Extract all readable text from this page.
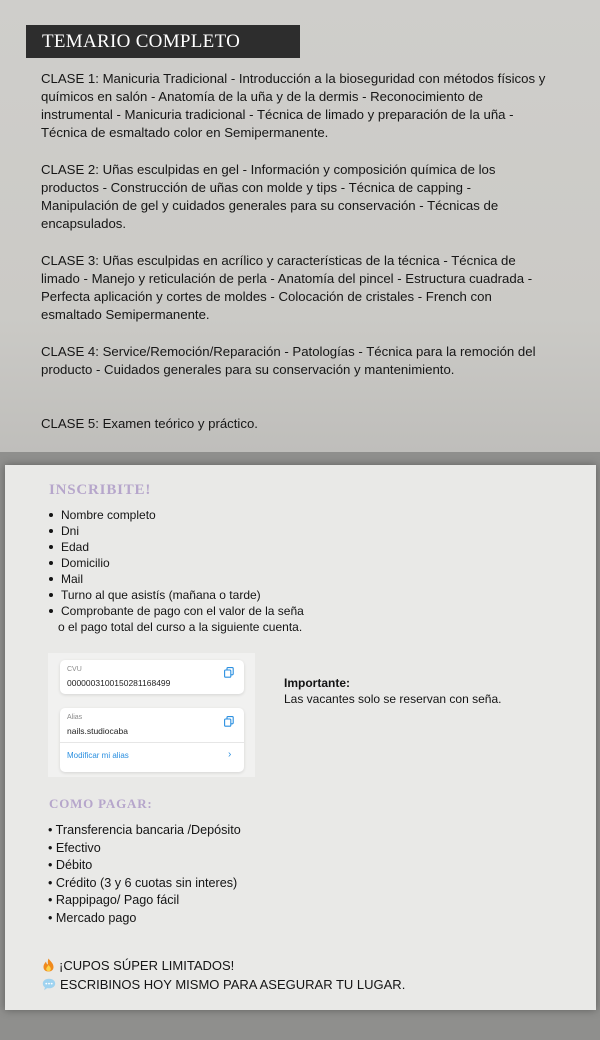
TEMARIO COMPLETO
CLASE 1: Manicuria Tradicional - Introducción a la bioseguridad con métodos físicos y químicos en salón - Anatomía de la uña y de la dermis - Reconocimiento de instrumental - Manicuria tradicional - Técnica de limado y preparación de la uña - Técnica de esmaltado color en Semipermanente.
CLASE 2: Uñas esculpidas en gel - Información y composición química de los productos - Construcción de uñas con molde y tips - Técnica de capping - Manipulación de gel y cuidados generales para su conservación - Técnicas de encapsulados.
CLASE 3: Uñas esculpidas en acrílico y características de la técnica - Técnica de limado - Manejo y reticulación de perla - Anatomía del pincel - Estructura cuadrada - Perfecta aplicación y cortes de moldes - Colocación de cristales - French con esmaltado Semipermanente.
CLASE 4: Service/Remoción/Reparación - Patologías - Técnica para la remoción del producto - Cuidados generales para su conservación y mantenimiento.
CLASE 5: Examen teórico y práctico.
INSCRIBITE!
Nombre completo
Dni
Edad
Domicilio
Mail
Turno al que asistís (mañana o tarde)
Comprobante de pago con el valor de la seña
o el pago total del curso a la siguiente cuenta.
CVU
0000003100150281168499
Alias
nails.studiocaba
Modificar mi alias	›
Importante:
Las vacantes solo se reservan con seña.
COMO PAGAR:
• Transferencia bancaria /Depósito
• Efectivo
• Débito
• Crédito (3 y 6 cuotas sin interes)
• Rappipago/ Pago fácil
• Mercado pago
¡CUPOS SÚPER LIMITADOS!
ESCRIBINOS HOY MISMO PARA ASEGURAR TU LUGAR.
